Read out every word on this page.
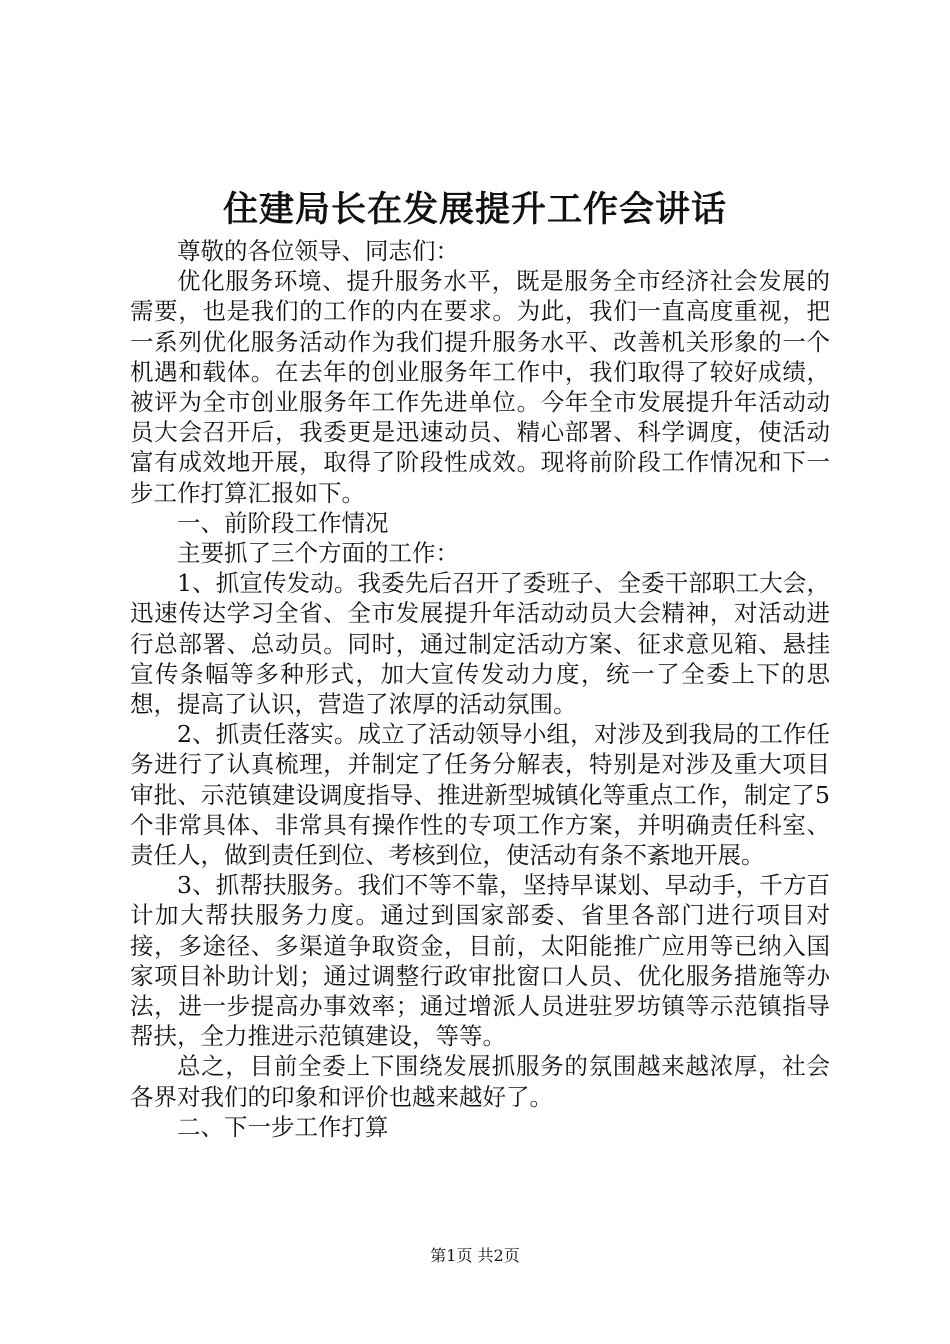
住建局长在发展提升工作会讲话

尊敬的各位领导、同志们：

优化服务环境、提升服务水平，既是服务全市经济社会发展的需要，也是我们的工作的内在要求。为此，我们一直高度重视，把一系列优化服务活动作为我们提升服务水平、改善机关形象的一个机遇和载体。在去年的创业服务年工作中，我们取得了较好成绩，被评为全市创业服务年工作先进单位。今年全市发展提升年活动动员大会召开后，我委更是迅速动员、精心部署、科学调度，使活动富有成效地开展，取得了阶段性成效。现将前阶段工作情况和下一步工作打算汇报如下。

一、前阶段工作情况

主要抓了三个方面的工作：

1、抓宣传发动。我委先后召开了委班子、全委干部职工大会，迅速传达学习全省、全市发展提升年活动动员大会精神，对活动进行总部署、总动员。同时，通过制定活动方案、征求意见箱、悬挂宣传条幅等多种形式，加大宣传发动力度，统一了全委上下的思想，提高了认识，营造了浓厚的活动氛围。

2、抓责任落实。成立了活动领导小组，对涉及到我局的工作任务进行了认真梳理，并制定了任务分解表，特别是对涉及重大项目审批、示范镇建设调度指导、推进新型城镇化等重点工作，制定了5个非常具体、非常具有操作性的专项工作方案，并明确责任科室、责任人，做到责任到位、考核到位，使活动有条不紊地开展。

3、抓帮扶服务。我们不等不靠，坚持早谋划、早动手，千方百计加大帮扶服务力度。通过到国家部委、省里各部门进行项目对接，多途径、多渠道争取资金，目前，太阳能推广应用等已纳入国家项目补助计划；通过调整行政审批窗口人员、优化服务措施等办法，进一步提高办事效率；通过增派人员进驻罗坊镇等示范镇指导帮扶，全力推进示范镇建设，等等。

总之，目前全委上下围绕发展抓服务的氛围越来越浓厚，社会各界对我们的印象和评价也越来越好了。

二、下一步工作打算

第1页 共2页
